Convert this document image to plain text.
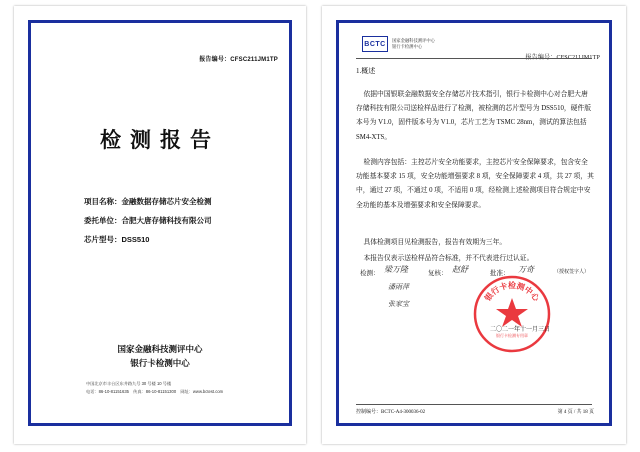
报告编号：CFSC211JM1TP
检测报告
项目名称：金融数据存储芯片安全检测
委托单位：合肥大唐存储科技有限公司
芯片型号：DSS510
国家金融科技测评中心
银行卡检测中心
中国北京市丰台区东井路九号 30 号楼 10 号楼
电话：86-10-81151635　传真：86-10-81151300　网址：www.bctest.com
BCTC	国家金融科技测评中心
银行卡检测中心
报告编号：CFSC211JM1TP
1.概述
依据中国银联金融数据安全存储芯片技术指引，银行卡检测中心对合肥大唐存储科技有限公司送检样品进行了检测，被检测的芯片型号为 DSS510，硬件版本号为 V1.0，固件版本号为 V1.0，芯片工艺为 TSMC 28nm，测试的算法包括 SM4-XTS。
检测内容包括：主控芯片安全功能要求，主控芯片安全保障要求，包含安全功能基本要求 15 项，安全功能增强要求 8 项，安全保障要求 4 项，共 27 项，其中，通过 27 项，不通过 0 项，不适用 0 项，经检测上述检测项目符合规定中安全功能的基本及增强要求和安全保障要求。
具体检测项目见检测报告，报告有效期为三年。
本报告仅表示送检样品符合标准，并不代表进行过认证。
检测： 梁万隆
潘雨萍
张家宝
复核： 赵舒	批准： 万奇	（授权签字人）
银行卡检测中心
银行卡检测专用章
二〇二一年十一月三日
控制编号：BCTC-A4-300036-02	第 4 页 / 共 18 页
